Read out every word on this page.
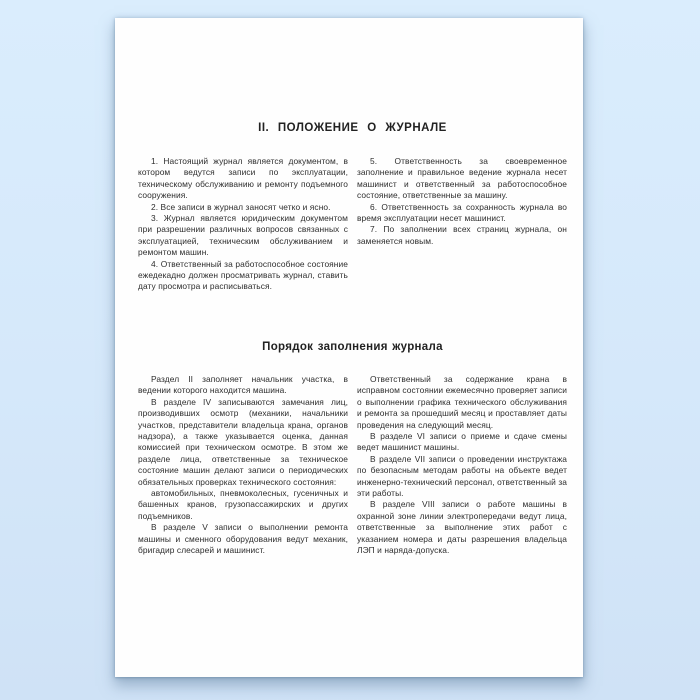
II. ПОЛОЖЕНИЕ О ЖУРНАЛЕ

1. Настоящий журнал является документом, в котором ведутся записи по эксплуатации, техническому обслуживанию и ремонту подъемного сооружения.

2. Все записи в журнал заносят четко и ясно.

3. Журнал является юридическим документом при разрешении различных вопросов связанных с эксплуатацией, техническим обслуживанием и ремонтом машин.

4. Ответственный за работоспособное состояние ежедекадно должен просматривать журнал, ставить дату просмотра и расписываться.

5. Ответственность за своевременное заполнение и правильное ведение журнала несет машинист и ответственный за работоспособное состояние, ответственные за машину.

6. Ответственность за сохранность журнала во время эксплуатации несет машинист.

7. По заполнении всех страниц журнала, он заменяется новым.

Порядок заполнения журнала

Раздел II заполняет начальник участка, в ведении которого находится машина.

В разделе IV записываются замечания лиц, производивших осмотр (механики, начальники участков, представители владельца крана, органов надзора), а также указывается оценка, данная комиссией при техническом осмотре. В этом же разделе лица, ответственные за техническое состояние машин делают записи о периодических обязательных проверках технического состояния:

автомобильных, пневмоколесных, гусеничных и башенных кранов, грузопассажирских и других подъемников.

В разделе V записи о выполнении ремонта машины и сменного оборудования ведут механик, бригадир слесарей и машинист.

Ответственный за содержание крана в исправном состоянии ежемесячно проверяет записи о выполнении графика технического обслуживания и ремонта за прошедший месяц и проставляет даты проведения на следующий месяц.

В разделе VI записи о приеме и сдаче смены ведет машинист машины.

В разделе VII записи о проведении инструктажа по безопасным методам работы на объекте ведет инженерно-технический персонал, ответственный за эти работы.

В разделе VIII записи о работе машины в охранной зоне линии электропередачи ведут лица, ответственные за выполнение этих работ с указанием номера и даты разрешения владельца ЛЭП и наряда-допуска.
